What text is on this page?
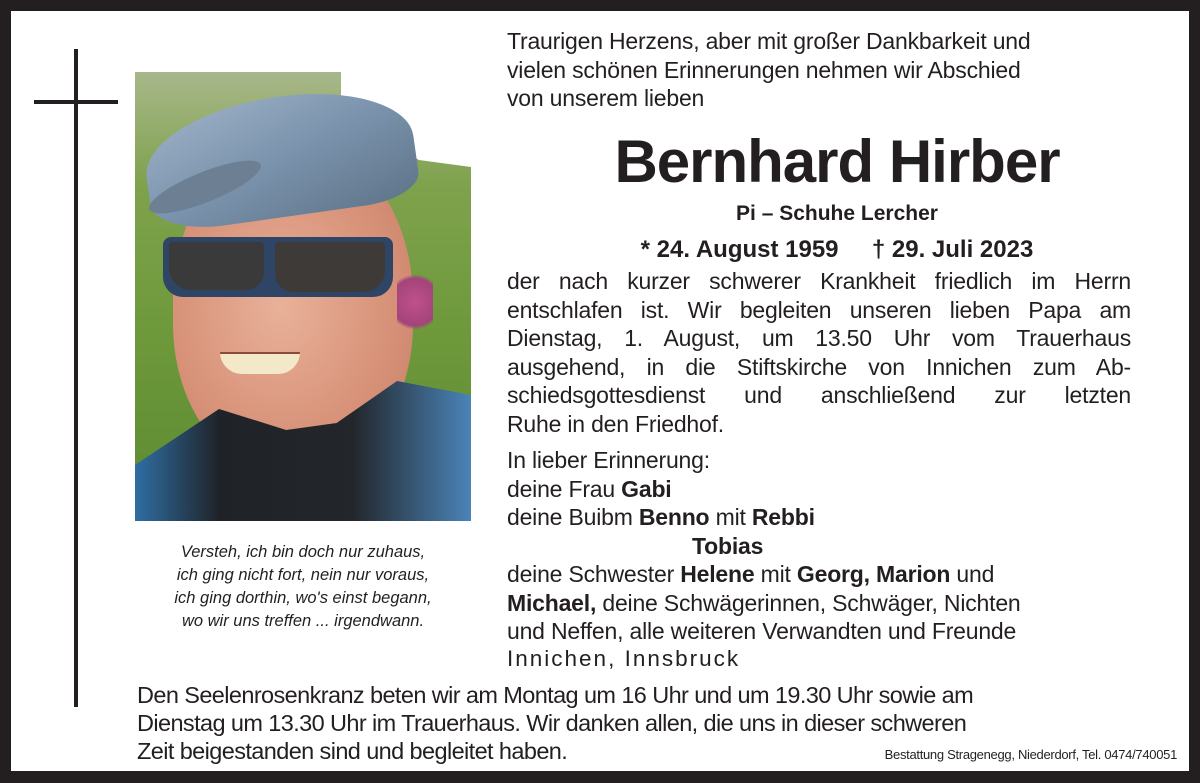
Versteh, ich bin doch nur zuhaus,
ich ging nicht fort, nein nur voraus,
ich ging dorthin, wo's einst begann,
wo wir uns treffen ... irgendwann.
Traurigen Herzens, aber mit großer Dankbarkeit und
vielen schönen Erinnerungen nehmen wir Abschied
von unserem lieben
Bernhard Hirber
Pi – Schuhe Lercher
* 24. August 1959 † 29. Juli 2023
der nach kurzer schwerer Krankheit friedlich im Herrn
entschlafen ist. Wir begleiten unseren lieben Papa am
Dienstag, 1. August, um 13.50 Uhr vom Trauerhaus
ausgehend, in die Stiftskirche von Innichen zum Ab-
schiedsgottesdienst und anschließend zur letzten
Ruhe in den Friedhof.
In lieber Erinnerung:
deine Frau Gabi
deine Buibm Benno mit Rebbi
Tobias
deine Schwester Helene mit Georg, Marion und
Michael, deine Schwägerinnen, Schwäger, Nichten
und Neffen, alle weiteren Verwandten und Freunde
Innichen, Innsbruck
Den Seelenrosenkranz beten wir am Montag um 16 Uhr und um 19.30 Uhr sowie am
Dienstag um 13.30 Uhr im Trauerhaus. Wir danken allen, die uns in dieser schweren
Zeit beigestanden sind und begleitet haben.	Bestattung Stragenegg, Niederdorf, Tel. 0474/740051
